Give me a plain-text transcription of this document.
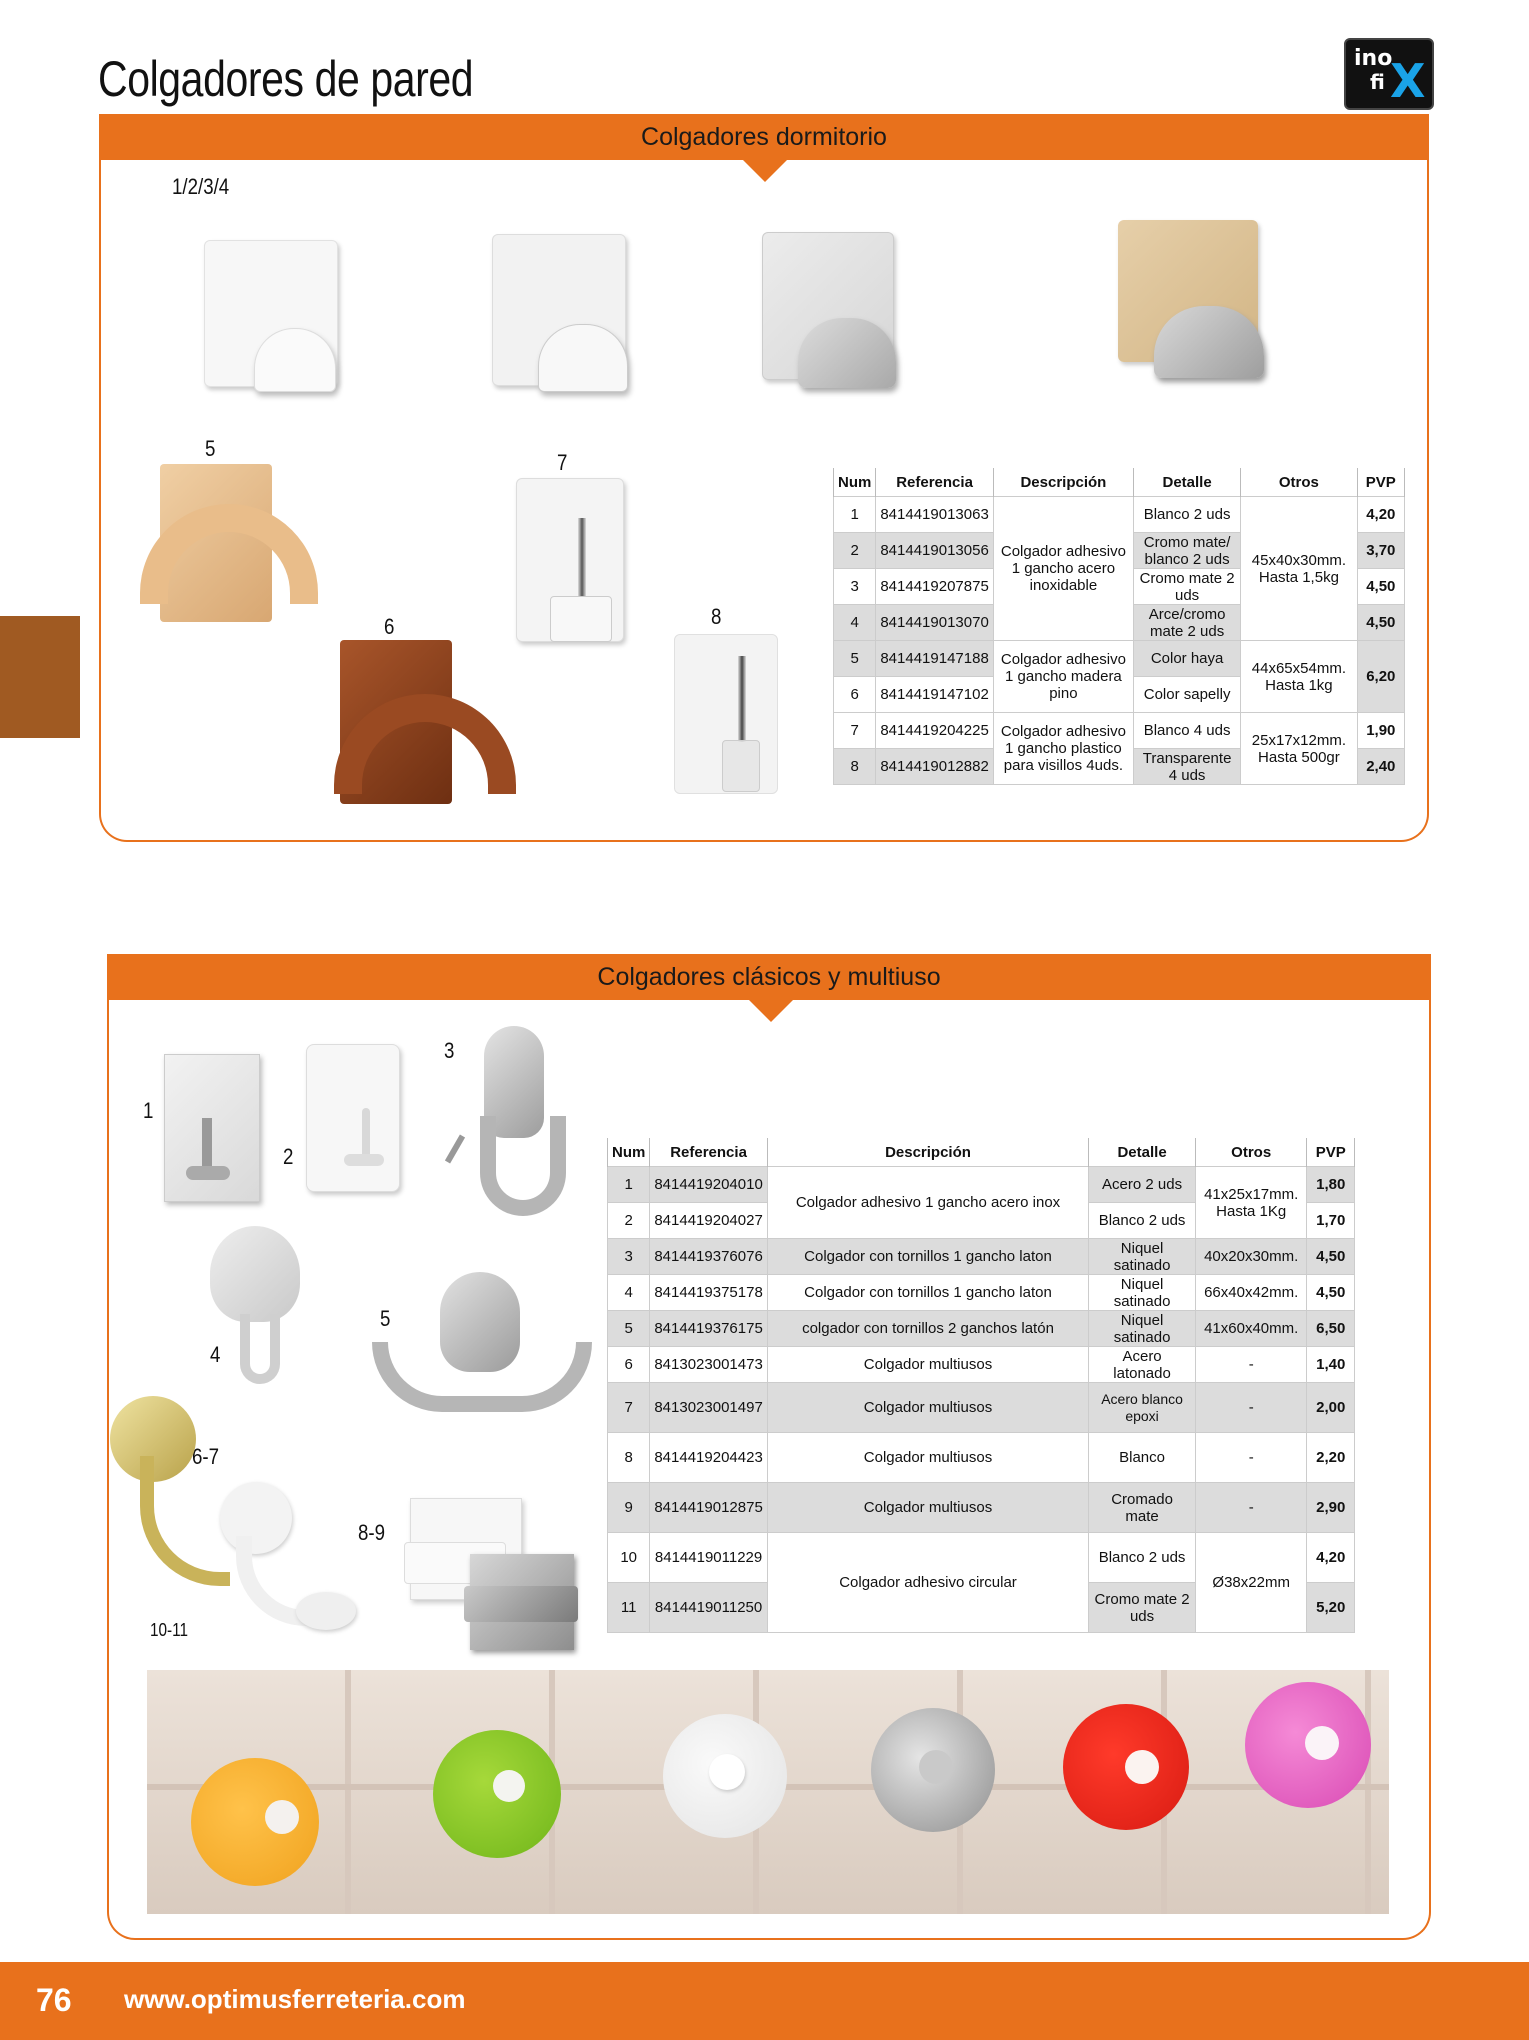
Colgadores de pared	ino
fi X
Colgadores dormitorio
1/2/3/4
5
6
7
8
Num	Referencia	Descripción	Detalle	Otros	PVP
1	8414419013063	Colgador adhesivo 1 gancho acero inoxidable	Blanco 2 uds	45x40x30mm. Hasta 1,5kg	4,20
2	8414419013056		Cromo mate/ blanco 2 uds		3,70
3	8414419207875		Cromo mate 2 uds		4,50
4	8414419013070		Arce/cromo mate 2 uds		4,50
5	8414419147188	Colgador adhesivo 1 gancho madera pino	Color haya	44x65x54mm. Hasta 1kg	6,20
6	8414419147102		Color sapelly		
7	8414419204225	Colgador adhesivo 1 gancho plastico para visillos 4uds.	Blanco 4 uds	25x17x12mm. Hasta 500gr	1,90
8	8414419012882		Transparente 4 uds		2,40
Colgadores clásicos y multiuso
1
2
3
4
5
6-7
8-9
10-11
Num	Referencia	Descripción	Detalle	Otros	PVP
1	8414419204010	Colgador adhesivo 1 gancho acero inox	Acero 2 uds	41x25x17mm. Hasta 1Kg	1,80
2	8414419204027		Blanco 2 uds		1,70
3	8414419376076	Colgador con tornillos 1 gancho laton	Niquel satinado	40x20x30mm.	4,50
4	8414419375178	Colgador con tornillos 1 gancho laton	Niquel satinado	66x40x42mm.	4,50
5	8414419376175	colgador con tornillos 2 ganchos latón	Niquel satinado	41x60x40mm.	6,50
6	8413023001473	Colgador multiusos	Acero latonado	-	1,40
7	8413023001497	Colgador multiusos	Acero blanco epoxi	-	2,00
8	8414419204423	Colgador multiusos	Blanco	-	2,20
9	8414419012875	Colgador multiusos	Cromado mate	-	2,90
10	8414419011229	Colgador adhesivo circular	Blanco 2 uds	Ø38x22mm	4,20
11	8414419011250		Cromo mate 2 uds		5,20
76 www.optimusferreteria.com
